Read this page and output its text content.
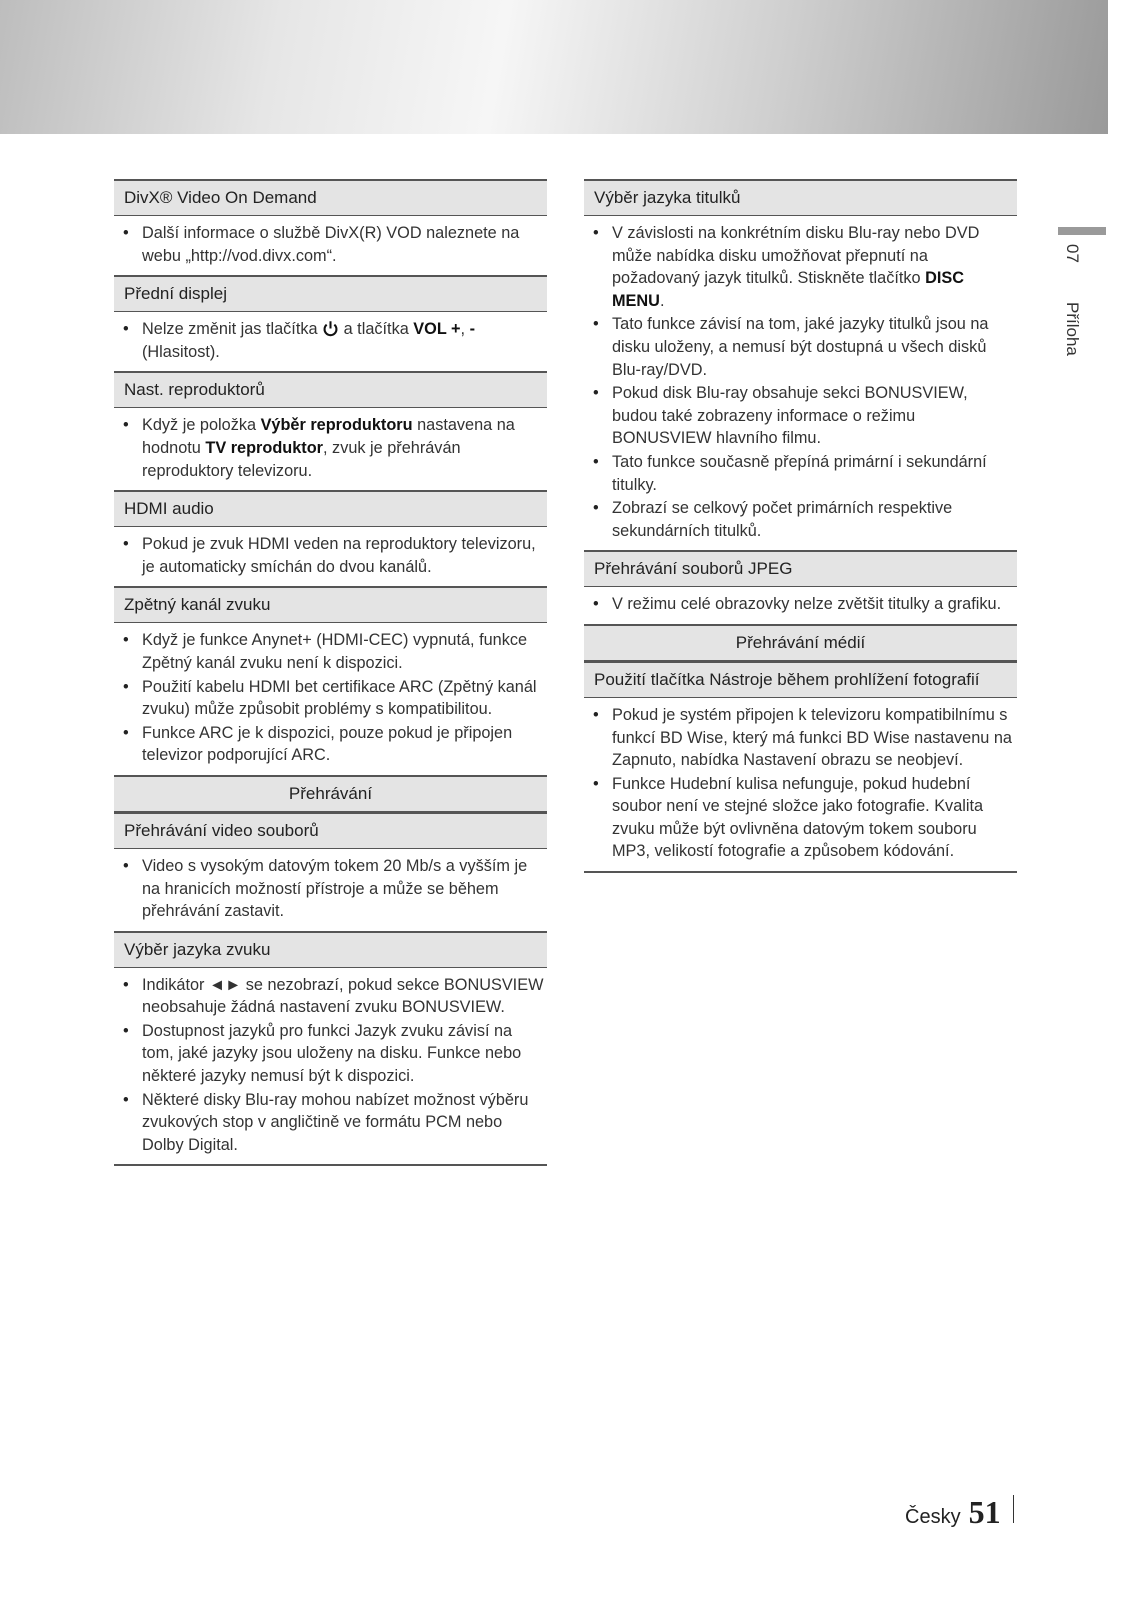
DivX® Video On Demand
• Další informace o službě DivX(R) VOD naleznete na webu „http://vod.divx.com“.
Přední displej
• Nelze změnit jas tlačítka  a tlačítka VOL +, - (Hlasitost).
Nast. reproduktorů
• Když je položka Výběr reproduktoru nastavena na hodnotu TV reproduktor, zvuk je přehráván reproduktory televizoru.
HDMI audio
• Pokud je zvuk HDMI veden na reproduktory televizoru, je automaticky smíchán do dvou kanálů.
Zpětný kanál zvuku
• Když je funkce Anynet+ (HDMI-CEC) vypnutá, funkce Zpětný kanál zvuku není k dispozici.
• Použití kabelu HDMI bet certifikace ARC (Zpětný kanál zvuku) může způsobit problémy s kompatibilitou.
• Funkce ARC je k dispozici, pouze pokud je připojen televizor podporující ARC.
Přehrávání
Přehrávání video souborů
• Video s vysokým datovým tokem 20 Mb/s a vyšším je na hranicích možností přístroje a může se během přehrávání zastavit.
Výběr jazyka zvuku
• Indikátor ◄► se nezobrazí, pokud sekce BONUSVIEW neobsahuje žádná nastavení zvuku BONUSVIEW.
• Dostupnost jazyků pro funkci Jazyk zvuku závisí na tom, jaké jazyky jsou uloženy na disku. Funkce nebo některé jazyky nemusí být k dispozici.
• Některé disky Blu-ray mohou nabízet možnost výběru zvukových stop v angličtině ve formátu PCM nebo Dolby Digital.
Výběr jazyka titulků
• V závislosti na konkrétním disku Blu-ray nebo DVD může nabídka disku umožňovat přepnutí na požadovaný jazyk titulků. Stiskněte tlačítko DISC MENU.
• Tato funkce závisí na tom, jaké jazyky titulků jsou na disku uloženy, a nemusí být dostupná u všech disků Blu-ray/DVD.
• Pokud disk Blu-ray obsahuje sekci BONUSVIEW, budou také zobrazeny informace o režimu BONUSVIEW hlavního filmu.
• Tato funkce současně přepíná primární i sekundární titulky.
• Zobrazí se celkový počet primárních respektive sekundárních titulků.
Přehrávání souborů JPEG
• V režimu celé obrazovky nelze zvětšit titulky a grafiku.
Přehrávání médií
Použití tlačítka Nástroje během prohlížení fotografií
• Pokud je systém připojen k televizoru kompatibilnímu s funkcí BD Wise, který má funkci BD Wise nastavenu na Zapnuto, nabídka Nastavení obrazu se neobjeví.
• Funkce Hudební kulisa nefunguje, pokud hudební soubor není ve stejné složce jako fotografie. Kvalita zvuku může být ovlivněna datovým tokem souboru MP3, velikostí fotografie a způsobem kódování.
07  Příloha
Česky 51
